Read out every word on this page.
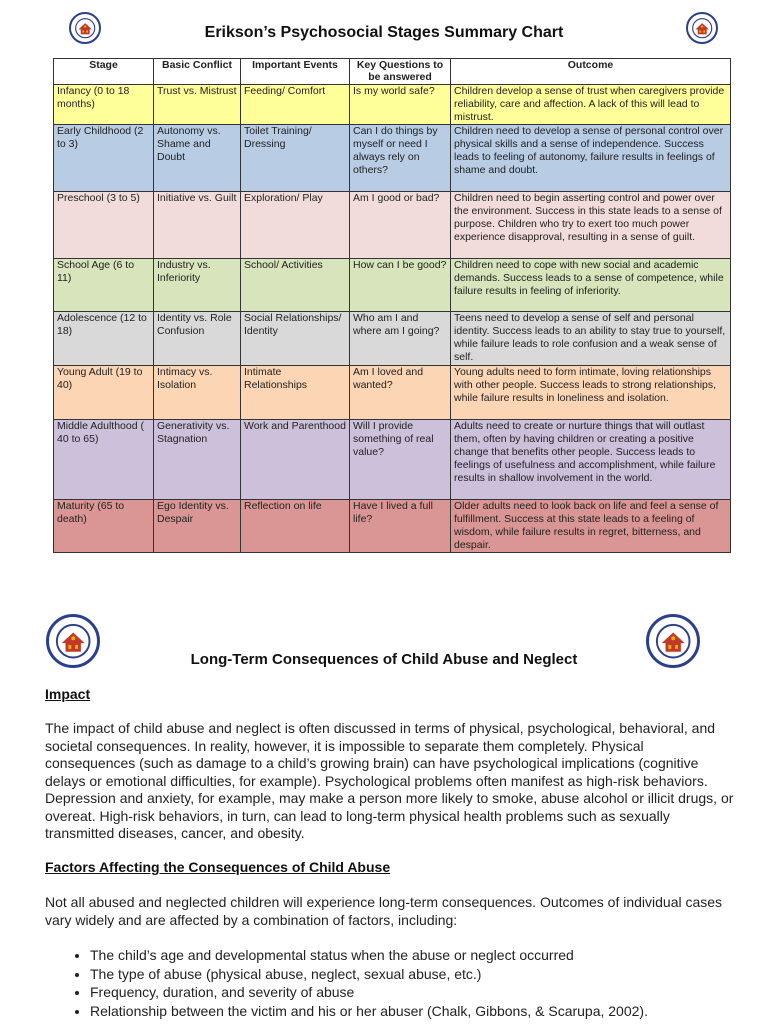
Erikson’s Psychosocial Stages Summary Chart
Stage	Basic Conflict	Important Events	Key Questions to be answered	Outcome
Infancy (0 to 18 months)	Trust vs. Mistrust	Feeding/ Comfort	Is my world safe?	Children develop a sense of trust when caregivers provide reliability, care and affection. A lack of this will lead to mistrust.
Early Childhood (2 to 3)	Autonomy vs. Shame and Doubt	Toilet Training/ Dressing	Can I do things by myself or need I always rely on others?	Children need to develop a sense of personal control over physical skills and a sense of independence. Success leads to feeling of autonomy, failure results in feelings of shame and doubt.
Preschool (3 to 5)	Initiative vs. Guilt	Exploration/ Play	Am I good or bad?	Children need to begin asserting control and power over the environment. Success in this state leads to a sense of purpose. Children who try to exert too much power experience disapproval, resulting in a sense of guilt.
School Age (6 to 11)	Industry vs. Inferiority	School/ Activities	How can I be good?	Children need to cope with new social and academic demands. Success leads to a sense of competence, while failure results in feeling of inferiority.
Adolescence (12 to 18)	Identity vs. Role Confusion	Social Relationships/ Identity	Who am I and where am I going?	Teens need to develop a sense of self and personal identity. Success leads to an ability to stay true to yourself, while failure leads to role confusion and a weak sense of self.
Young Adult (19 to 40)	Intimacy vs. Isolation	Intimate Relationships	Am I loved and wanted?	Young adults need to form intimate, loving relationships with other people. Success leads to strong relationships, while failure results in loneliness and isolation.
Middle Adulthood ( 40 to 65)	Generativity vs. Stagnation	Work and Parenthood	Will I provide something of real value?	Adults need to create or nurture things that will outlast them, often by having children or creating a positive change that benefits other people. Success leads to feelings of usefulness and accomplishment, while failure results in shallow involvement in the world.
Maturity (65 to death)	Ego Identity vs. Despair	Reflection on life	Have I lived a full life?	Older adults need to look back on life and feel a sense of fulfillment. Success at this state leads to a feeling of wisdom, while failure results in regret, bitterness, and despair.
Long-Term Consequences of Child Abuse and Neglect
Impact
The impact of child abuse and neglect is often discussed in terms of physical, psychological, behavioral, and societal consequences. In reality, however, it is impossible to separate them completely. Physical consequences (such as damage to a child’s growing brain) can have psychological implications (cognitive delays or emotional difficulties, for example). Psychological problems often manifest as high-risk behaviors. Depression and anxiety, for example, may make a person more likely to smoke, abuse alcohol or illicit drugs, or overeat. High-risk behaviors, in turn, can lead to long-term physical health problems such as sexually transmitted diseases, cancer, and obesity.
Factors Affecting the Consequences of Child Abuse
Not all abused and neglected children will experience long-term consequences. Outcomes of individual cases vary widely and are affected by a combination of factors, including:
• The child’s age and developmental status when the abuse or neglect occurred
• The type of abuse (physical abuse, neglect, sexual abuse, etc.)
• Frequency, duration, and severity of abuse
• Relationship between the victim and his or her abuser (Chalk, Gibbons, & Scarupa, 2002).
